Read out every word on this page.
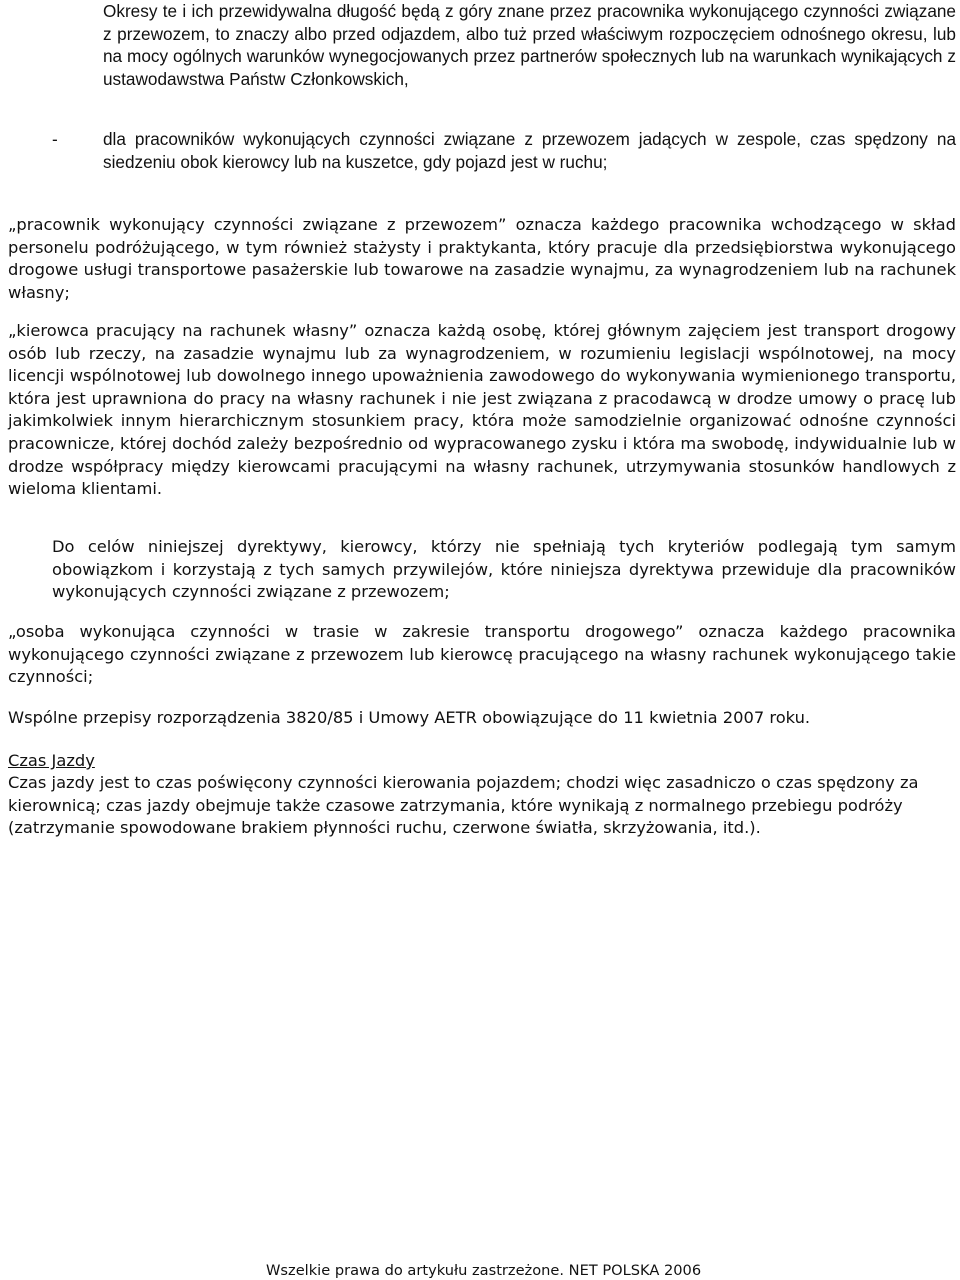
Okresy te i ich przewidywalna długość będą z góry znane przez pracownika wykonującego czynności związane z przewozem, to znaczy albo przed odjazdem, albo tuż przed właściwym rozpoczęciem odnośnego okresu, lub na mocy ogólnych warunków wynegocjowanych przez partnerów społecznych lub na warunkach wynikających z ustawodawstwa Państw Członkowskich,

-	dla pracowników wykonujących czynności związane z przewozem jadących w zespole, czas spędzony na siedzeniu obok kierowcy lub na kuszetce, gdy pojazd jest w ruchu;

„pracownik wykonujący czynności związane z przewozem” oznacza każdego pracownika wchodzącego w skład personelu podróżującego, w tym również stażysty i praktykanta, który pracuje dla przedsiębiorstwa wykonującego drogowe usługi transportowe pasażerskie lub towarowe na zasadzie wynajmu, za wynagrodzeniem lub na rachunek własny;

„kierowca pracujący na rachunek własny” oznacza każdą osobę, której głównym zajęciem jest transport drogowy osób lub rzeczy, na zasadzie wynajmu lub za wynagrodzeniem, w rozumieniu legislacji wspólnotowej, na mocy licencji wspólnotowej lub dowolnego innego upoważnienia zawodowego do wykonywania wymienionego transportu, która jest uprawniona do pracy na własny rachunek i nie jest związana z pracodawcą w drodze umowy o pracę lub jakimkolwiek innym hierarchicznym stosunkiem pracy, która może samodzielnie organizować odnośne czynności pracownicze, której dochód zależy bezpośrednio od wypracowanego zysku i która ma swobodę, indywidualnie lub w drodze współpracy między kierowcami pracującymi na własny rachunek, utrzymywania stosunków handlowych z wieloma klientami.

Do celów niniejszej dyrektywy, kierowcy, którzy nie spełniają tych kryteriów podlegają tym samym obowiązkom i korzystają z tych samych przywilejów, które niniejsza dyrektywa przewiduje dla pracowników wykonujących czynności związane z przewozem;

„osoba wykonująca czynności w trasie w zakresie transportu drogowego” oznacza każdego pracownika wykonującego czynności związane z przewozem lub kierowcę pracującego na własny rachunek wykonującego takie czynności;

Wspólne przepisy rozporządzenia 3820/85 i Umowy AETR obowiązujące do 11 kwietnia 2007 roku.

Czas Jazdy

Czas jazdy jest to czas poświęcony czynności kierowania pojazdem; chodzi więc zasadniczo o czas spędzony za kierownicą; czas jazdy obejmuje także czasowe zatrzymania, które wynikają z normalnego przebiegu podróży (zatrzymanie spowodowane brakiem płynności ruchu, czerwone światła, skrzyżowania, itd.).

Wszelkie prawa do artykułu zastrzeżone. NET POLSKA 2006
